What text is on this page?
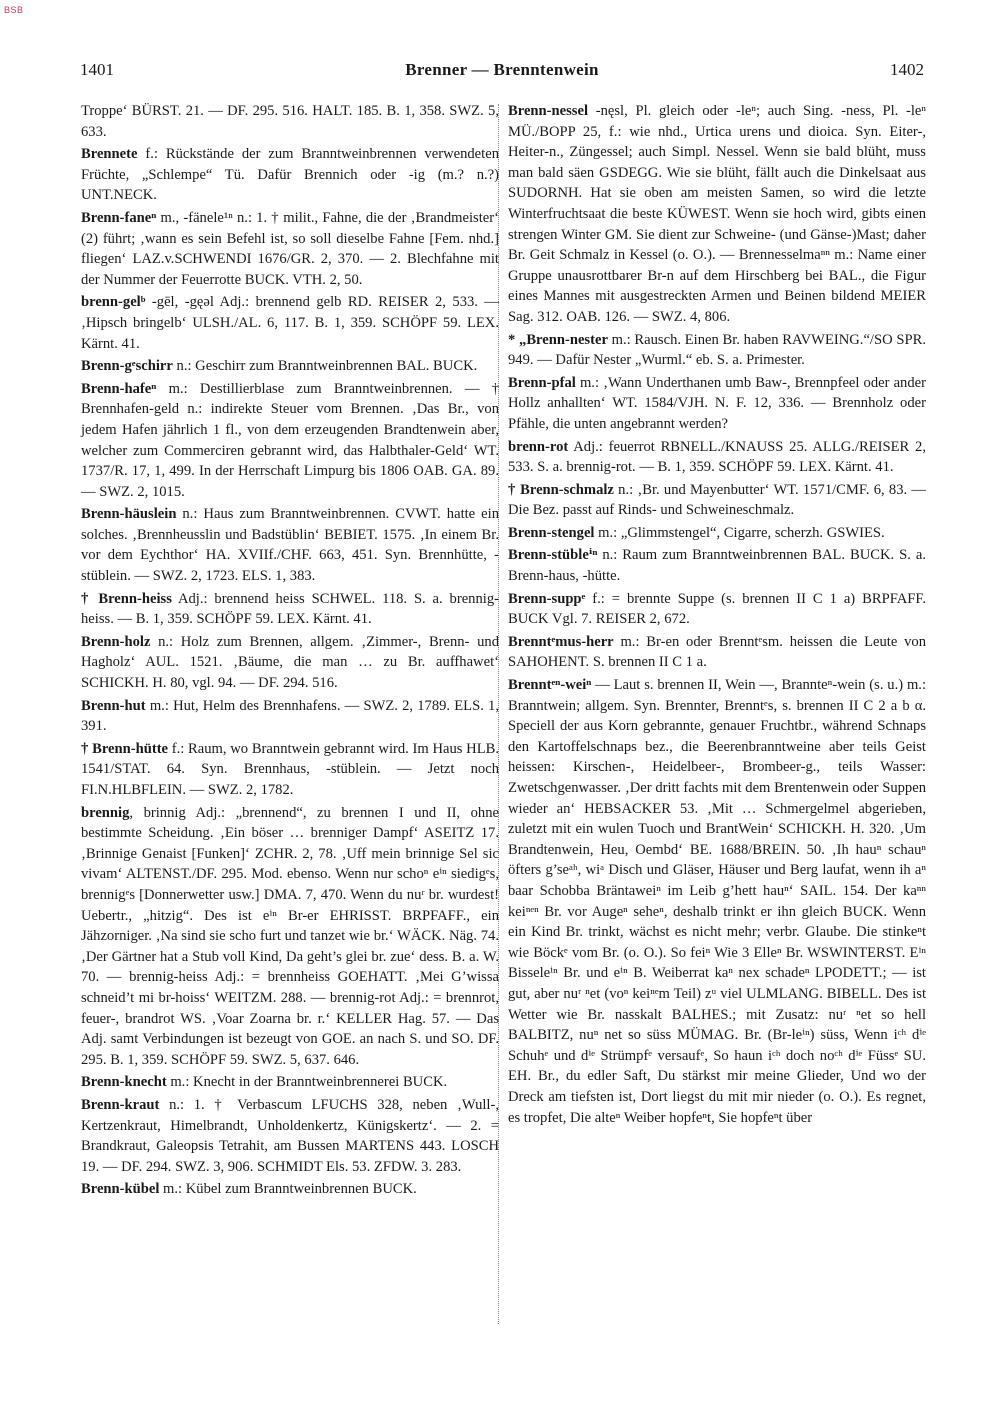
BSB
1401	Brenner — Brenntenwein	1402

Troppe‘ BÜRST. 21. — DF. 295. 516. HALT. 185. B. 1, 358. SWZ. 5, 633.

Brennete f.: Rückstände der zum Branntweinbrennen verwendeten Früchte, „Schlempe“ Tü. Dafür Brennich oder -ig (m.? n.?) UNT.NECK.

Brenn-faneⁿ m., -fänele¹ⁿ n.: 1. † milit., Fahne, die der ‚Brandmeister‘ (2) führt; ‚wann es sein Befehl ist, so soll dieselbe Fahne [Fem. nhd.] fliegen‘ LAZ.v.SCHWENDI 1676/GR. 2, 370. — 2. Blechfahne mit der Nummer der Feuerrotte BUCK. VTH. 2, 50.

brenn-gelᵇ -gēl, -gęəl Adj.: brennend gelb RD. REISER 2, 533. — ‚Hipsch bringelb‘ ULSH./AL. 6, 117. B. 1, 359. SCHÖPF 59. LEX. Kärnt. 41.

Brenn-gᵉschirr n.: Geschirr zum Branntweinbrennen BAL. BUCK.

Brenn-hafeⁿ m.: Destillierblase zum Branntweinbrennen. — † Brennhafen-geld n.: indirekte Steuer vom Brennen. ‚Das Br., von jedem Hafen jährlich 1 fl., von dem erzeugenden Brandtenwein aber, welcher zum Commerciren gebrannt wird, das Halbthaler-Geld‘ WT. 1737/R. 17, 1, 499. In der Herrschaft Limpurg bis 1806 OAB. GA. 89. — SWZ. 2, 1015.

Brenn-häuslein n.: Haus zum Branntweinbrennen. CVWT. hatte ein solches. ‚Brennheusslin und Badstüblin‘ BEBIET. 1575. ‚In einem Br. vor dem Eychthor‘ HA. XVIIf./CHF. 663, 451. Syn. Brennhütte, -stüblein. — SWZ. 2, 1723. ELS. 1, 383.

† Brenn-heiss Adj.: brennend heiss SCHWEL. 118. S. a. brennig-heiss. — B. 1, 359. SCHÖPF 59. LEX. Kärnt. 41.

Brenn-holz n.: Holz zum Brennen, allgem. ‚Zimmer-, Brenn- und Hagholz‘ AUL. 1521. ‚Bäume, die man … zu Br. auffhawet‘ SCHICKH. H. 80, vgl. 94. — DF. 294. 516.

Brenn-hut m.: Hut, Helm des Brennhafens. — SWZ. 2, 1789. ELS. 1, 391.

† Brenn-hütte f.: Raum, wo Branntwein gebrannt wird. Im Haus HLB. 1541/STAT. 64. Syn. Brennhaus, -stüblein. — Jetzt noch FI.N.HLBFLEIN. — SWZ. 2, 1782.

brennig, brinnig Adj.: „brennend“, zu brennen I und II, ohne bestimmte Scheidung. ‚Ein böser … brenniger Dampf‘ ASEITZ 17. ‚Brinnige Genaist [Funken]‘ ZCHR. 2, 78. ‚Uff mein brinnige Sel sic vivam‘ ALTENST./DF. 295. Mod. ebenso. Wenn nur schoⁿ eⁱⁿ siedigᵉs, brennigᵉs [Donnerwetter usw.] DMA. 7, 470. Wenn du nuʳ br. wurdest! Uebertr., „hitzig“. Des ist eⁱⁿ Br-er EHRISST. BRPFAFF., ein Jähzorniger. ‚Na sind sie scho furt und tanzet wie br.‘ WÄCK. Näg. 74. ‚Der Gärtner hat a Stub voll Kind, Da geht’s glei br. zue‘ dess. B. a. W. 70. — brennig-heiss Adj.: = brennheiss GOEHATT. ‚Mei G’wissa schneid’t mi br-hoiss‘ WEITZM. 288. — brennig-rot Adj.: = brennrot, feuer-, brandrot WS. ‚Voar Zoarna br. r.‘ KELLER Hag. 57. — Das Adj. samt Verbindungen ist bezeugt von GOE. an nach S. und SO. DF. 295. B. 1, 359. SCHÖPF 59. SWZ. 5, 637. 646.

Brenn-knecht m.: Knecht in der Branntweinbrennerei BUCK.

Brenn-kraut n.: 1. † Verbascum LFUCHS 328, neben ‚Wull-, Kertzenkraut, Himelbrandt, Unholdenkertz, Künigskertz‘. — 2. = Brandkraut, Galeopsis Tetrahit, am Bussen MARTENS 443. LOSCH 19. — DF. 294. SWZ. 3, 906. SCHMIDT Els. 53. ZFDW. 3. 283.

Brenn-kübel m.: Kübel zum Branntweinbrennen BUCK.

Brenn-nessel -nęsl, Pl. gleich oder -leⁿ; auch Sing. -ness, Pl. -leⁿ MÜ./BOPP 25, f.: wie nhd., Urtica urens und dioica. Syn. Eiter-, Heiter-n., Züngessel; auch Simpl. Nessel. Wenn sie bald blüht, muss man bald säen GSDEGG. Wie sie blüht, fällt auch die Dinkelsaat aus SUDORNH. Hat sie oben am meisten Samen, so wird die letzte Winterfruchtsaat die beste KÜWEST. Wenn sie hoch wird, gibts einen strengen Winter GM. Sie dient zur Schweine- (und Gänse-)Mast; daher Br. Geit Schmalz in Kessel (o. O.). — Brennesselmaⁿⁿ m.: Name einer Gruppe unausrottbarer Br-n auf dem Hirschberg bei BAL., die Figur eines Mannes mit ausgestreckten Armen und Beinen bildend MEIER Sag. 312. OAB. 126. — SWZ. 4, 806.

* „Brenn-nester m.: Rausch. Einen Br. haben RAVWEING.“/SO SPR. 949. — Dafür Nester „Wurml.“ eb. S. a. Primester.

Brenn-pfal m.: ‚Wann Underthanen umb Baw-, Brennpfeel oder ander Hollz anhallten‘ WT. 1584/VJH. N. F. 12, 336. — Brennholz oder Pfähle, die unten angebrannt werden?

brenn-rot Adj.: feuerrot RBNELL./KNAUSS 25. ALLG./REISER 2, 533. S. a. brennig-rot. — B. 1, 359. SCHÖPF 59. LEX. Kärnt. 41.

† Brenn-schmalz n.: ‚Br. und Mayenbutter‘ WT. 1571/CMF. 6, 83. — Die Bez. passt auf Rinds- und Schweineschmalz.

Brenn-stengel m.: „Glimmstengel“, Cigarre, scherzh. GSWIES.

Brenn-stübleⁱⁿ n.: Raum zum Branntweinbrennen BAL. BUCK. S. a. Brenn-haus, -hütte.

Brenn-suppᵉ f.: = brennte Suppe (s. brennen II C 1 a) BRPFAFF. BUCK Vgl. 7. REISER 2, 672.

Brenntᵉmus-herr m.: Br-en oder Brenntᵉsm. heissen die Leute von SAHOHENT. S. brennen II C 1 a.

Brenntᵉⁿ-weiⁿ — Laut s. brennen II, Wein —, Brannteⁿ-wein (s. u.) m.: Branntwein; allgem. Syn. Brennter, Brenntᵉs, s. brennen II C 2 a b α. Speciell der aus Korn gebrannte, genauer Fruchtbr., während Schnaps den Kartoffelschnaps bez., die Beerenbranntweine aber teils Geist heissen: Kirschen-, Heidelbeer-, Brombeer-g., teils Wasser: Zwetschgenwasser. ‚Der dritt fachts mit dem Brentenwein oder Suppen wieder an‘ HEBSACKER 53. ‚Mit … Schmergelmel abgerieben, zuletzt mit ein wulen Tuoch und BrantWein‘ SCHICKH. H. 320. ‚Um Brandtenwein, Heu, Oembd‘ BE. 1688/BREIN. 50. ‚Ih hauⁿ schauⁿ öfters g’seᵃʰ, wiᵃ Disch und Gläser, Häuser und Berg laufat, wenn ih aⁿ baar Schobba Bräntaweiⁿ im Leib g’hett hauⁿ‘ SAIL. 154. Der kaⁿⁿ keiⁿᵉⁿ Br. vor Augeⁿ seheⁿ, deshalb trinkt er ihn gleich BUCK. Wenn ein Kind Br. trinkt, wächst es nicht mehr; verbr. Glaube. Die stinkeⁿt wie Böckᵉ vom Br. (o. O.). So feiⁿ Wie 3 Elleⁿ Br. WSWINTERST. Eⁱⁿ Bisseleⁱⁿ Br. und eⁱⁿ B. Weiberrat kaⁿ nex schadeⁿ LPODETT.; — ist gut, aber nuʳ ⁿet (voⁿ keiⁿᵉm Teil) zᵘ viel ULMLANG. BIBELL. Des ist Wetter wie Br. nasskalt BALHES.; mit Zusatz: nuʳ ⁿet so hell BALBITZ, nuⁿ net so süss MÜMAG. Br. (Br-leⁱⁿ) süss, Wenn iᶜʰ dⁱᵉ Schuhᵉ und dⁱᵉ Strümpfᵉ versaufᵉ, So haun iᶜʰ doch noᶜʰ dⁱᵉ Füssᵉ SU. EH. Br., du edler Saft, Du stärkst mir meine Glieder, Und wo der Dreck am tiefsten ist, Dort liegst du mit mir nieder (o. O.). Es regnet, es tropfet, Die alteⁿ Weiber hopfeⁿt, Sie hopfeⁿt über
